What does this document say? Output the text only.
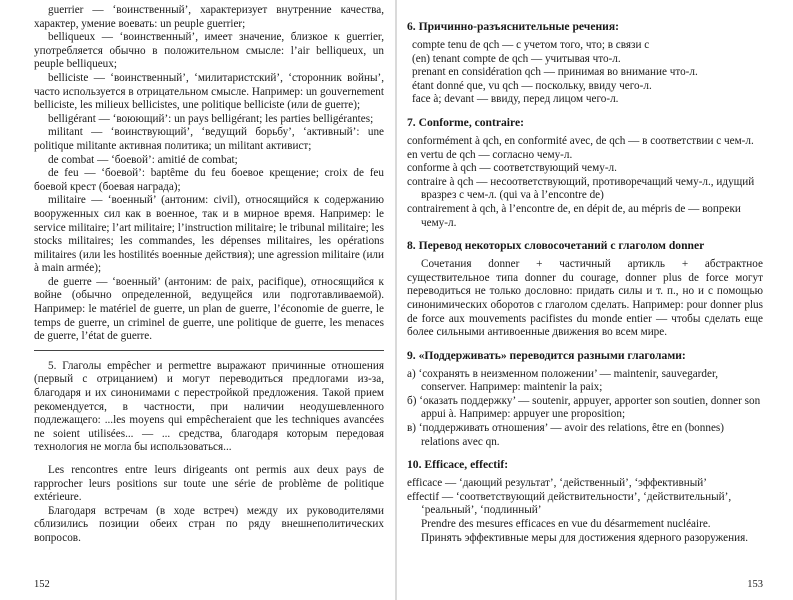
guerrier — ‘воинственный’, характеризует внутренние качества, характер, умение воевать: un peuple guerrier;

belliqueux — ‘воинственный’, имеет значение, близкое к guerrier, употребляется обычно в положительном смысле: l’air belliqueux, un peuple belliqueux;

belliciste — ‘воинственный’, ‘милитаристский’, ‘сторонник войны’, часто используется в отрицательном смысле. Например: un gouvernement belliciste, les milieux bellicistes, une politique belliciste (или de guerre);

belligérant — ‘воюющий’: un pays belligérant; les parties belligérantes;

militant — ‘воинствующий’, ‘ведущий борьбу’, ‘активный’: une politique militante активная политика; un militant активист;

de combat — ‘боевой’: amitié de combat;

de feu — ‘боевой’: baptême du feu боевое крещение; croix de feu боевой крест (боевая награда);

militaire — ‘военный’ (антоним: civil), относящийся к содержанию вооруженных сил как в военное, так и в мирное время. Например: le service militaire; l’art militaire; l’instruction militaire; le tribunal militaire; les stocks militaires; les commandes, les dépenses militaires, les opérations militaires (или les hostilités военные действия); une agression militaire (или à main armée);

de guerre — ‘военный’ (антоним: de paix, pacifique), относящийся к войне (обычно определенной, ведущейся или подготавливаемой). Например: le matériel de guerre, un plan de guerre, l’économie de guerre, le temps de guerre, un criminel de guerre, une politique de guerre, les menaces de guerre, l’état de guerre.

5. Глаголы empêcher и permettre выражают причинные отношения (первый с отрицанием) и могут переводиться предлогами из-за, благодаря и их синонимами с перестройкой предложения. Такой прием рекомендуется, в частности, при наличии неодушевленного подлежащего: ...les moyens qui empêcheraient que les techniques avancées ne soient utilisées... — ... средства, благодаря которым передовая технология не могла бы использоваться...

Les rencontres entre leurs dirigeants ont permis aux deux pays de rapprocher leurs positions sur toute une série de problème de politique extérieure.

Благодаря встречам (в ходе встреч) между их руководителями сблизились позиции обеих стран по ряду внешнеполитических вопросов.

152
6. Причинно-разъяснительные речения:

compte tenu de qch — с учетом того, что; в связи с

(en) tenant compte de qch — учитывая что-л.

prenant en considération qch — принимая во внимание что-л.

étant donné que, vu qch — поскольку, ввиду чего-л.

face à; devant — ввиду, перед лицом чего-л.

7. Conforme, contraire:

conformément à qch, en conformité avec, de qch — в соответствии с чем-л.

en vertu de qch — согласно чему-л.

conforme à qch — соответствующий чему-л.

contraire à qch — несоответствующий, противоречащий чему-л., идущий вразрез с чем-л. (qui va à l’encontre de)

contrairement à qch, à l’encontre de, en dépit de, au mépris de — вопреки чему-л.

8. Перевод некоторых словосочетаний с глаголом donner

Сочетания donner + частичный артикль + абстрактное существительное типа donner du courage, donner plus de force могут переводиться не только дословно: придать силы и т. п., но и с помощью синонимических оборотов с глаголом сделать. Например: pour donner plus de force aux mouvements pacifistes du monde entier — чтобы сделать еще более сильными антивоенные движения во всем мире.

9. «Поддерживать» переводится разными глаголами:

а) ‘сохранять в неизменном положении’ — maintenir, sauvegarder, conserver. Например: maintenir la paix;

б) ‘оказать поддержку’ — soutenir, appuyer, apporter son soutien, donner son appui à. Например: appuyer une proposition;

в) ‘поддерживать отношения’ — avoir des relations, être en (bonnes) relations avec qn.

10. Efficace, effectif:

efficace — ‘дающий результат’, ‘действенный’, ‘эффективный’

effectif — ‘соответствующий действительности’, ‘действительный’, ‘реальный’, ‘подлинный’

Prendre des mesures efficaces en vue du désarmement nucléaire.

Принять эффективные меры для достижения ядерного разоружения.

153
